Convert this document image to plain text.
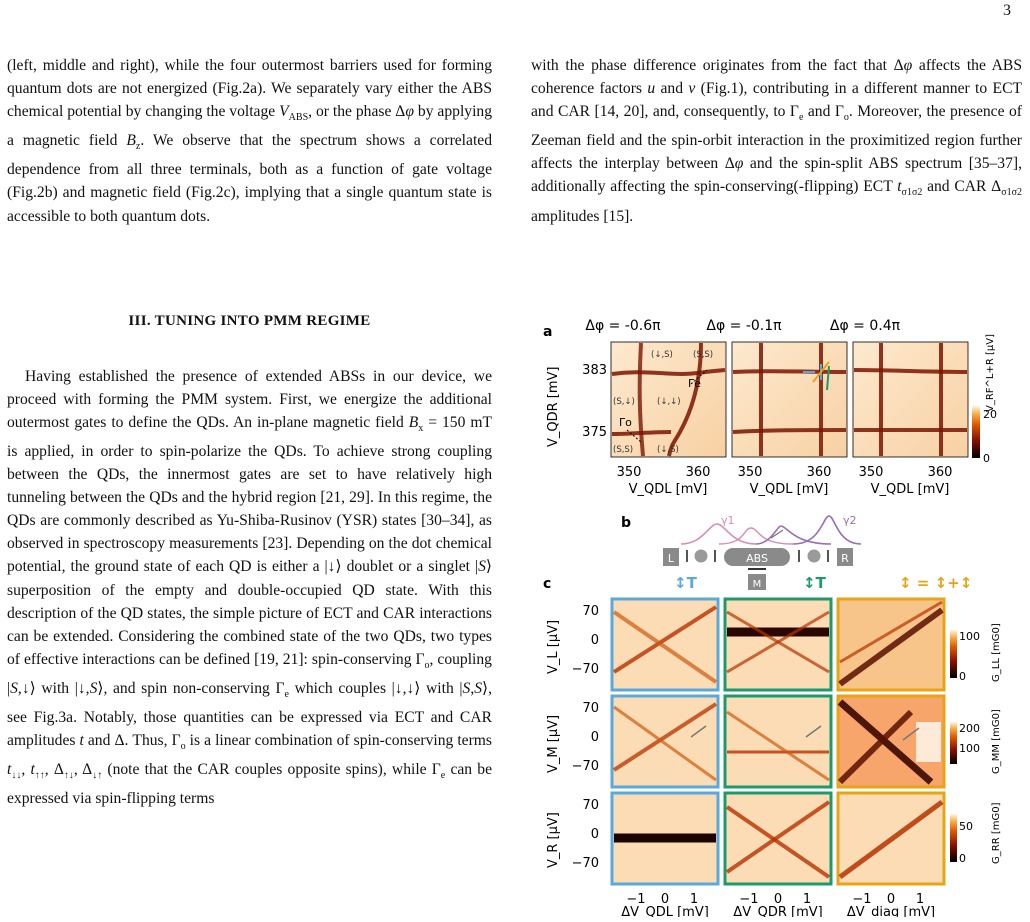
3

(left, middle and right), while the four outermost barriers used for forming quantum dots are not energized (Fig.2a). We separately vary either the ABS chemical potential by changing the voltage $V_{ABS}$, or the phase Δφ by applying a magnetic field $B_z$. We observe that the spectrum shows a correlated dependence from all three terminals, both as a function of gate voltage (Fig.2b) and magnetic field (Fig.2c), implying that a single quantum state is accessible to both quantum dots.

with the phase difference originates from the fact that Δφ affects the ABS coherence factors u and v (Fig.1), contributing in a different manner to ECT and CAR [14, 20], and, consequently, to $\Gamma_e$ and $\Gamma_o$. Moreover, the presence of Zeeman field and the spin-orbit interaction in the proximitized region further affects the interplay between Δφ and the spin-split ABS spectrum [35–37], additionally affecting the spin-conserving(-flipping) ECT $t_{\sigma 1\sigma 2}$ and CAR $\Delta_{\sigma 1\sigma 2}$ amplitudes [15].

III. TUNING INTO PMM REGIME

Having established the presence of extended ABSs in our device, we proceed with forming the PMM system. First, we energize the additional outermost gates to define the QDs. An in-plane magnetic field $B_x = 150$ mT is applied, in order to spin-polarize the QDs. To achieve strong coupling between the QDs, the innermost gates are set to have relatively high tunneling between the QDs and the hybrid region [21, 29]. In this regime, the QDs are commonly described as Yu-Shiba-Rusinov (YSR) states [30–34], as observed in spectroscopy measurements [23]. Depending on the dot chemical potential, the ground state of each QD is either a |↓⟩ doublet or a singlet |S⟩ superposition of the empty and double-occupied QD state. With this description of the QD states, the simple picture of ECT and CAR interactions can be extended. Considering the combined state of the two QDs, two types of effective interactions can be defined [19, 21]: spin-conserving $\Gamma_o$, coupling |S,↓⟩ with |↓,S⟩, and spin non-conserving $\Gamma_e$ which couples |↓,↓⟩ with |S,S⟩, see Fig.3a. Notably, those quantities can be expressed via ECT and CAR amplitudes t and Δ. Thus, $\Gamma_o$ is a linear combination of spin-conserving terms $t_{↓↓}$, $t_{↑↑}$, $\Delta_{↑↓}$, $\Delta_{↓↑}$ (note that the CAR couples opposite spins), while $\Gamma_e$ can be expressed via spin-flipping terms

a Δφ = -0.6π	Δφ = -0.1π	Δφ = 0.4π
(↓,S) (S,S)
(S,↓)	(↓,↓)
(S,S)	(↓,S)
Γe
Γo
V_QDR [mV] 383
375
350	360 350	360 350	360
V_QDL [mV]	V_QDL [mV]	V_QDL [mV]
20
0
V_RF^L+R [μV]
b	γ1	γ2
L	ABS	R
M
c	↕T	↕T	↕ = ↕+↕
V_L [μV]
V_M [μV]
V_R [μV]
70
0
−70
70
0
−70
70
0
−70
−1 0 1	−1 0 1	−1 0 1
ΔV_QDL [mV] ΔV_QDR [mV] ΔV_diag [mV]
100
0	G_LL [mG0]
200
100 G_MM [mG0]
50
0	G_RR [mG0]
